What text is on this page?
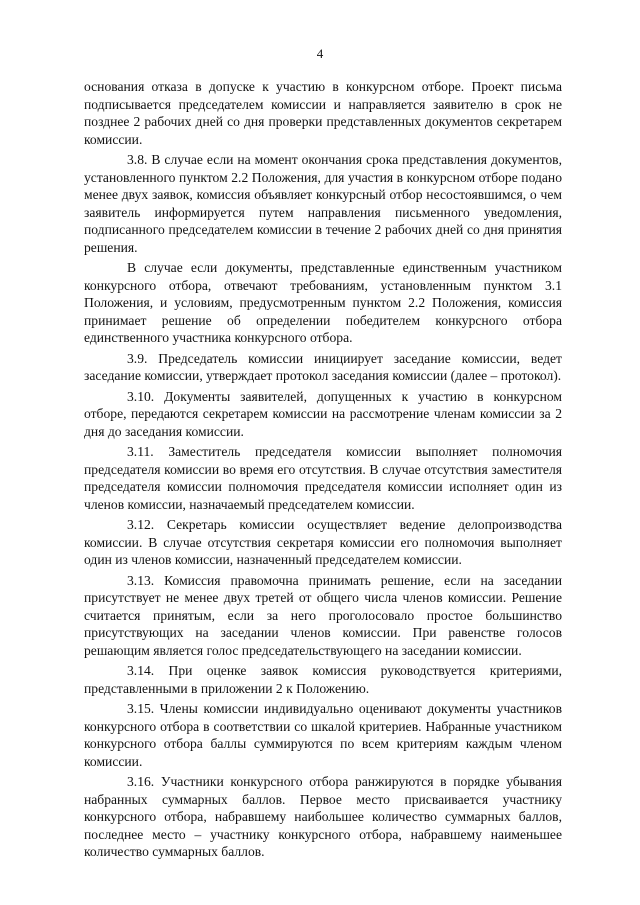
4

основания отказа в допуске к участию в конкурсном отборе. Проект письма подписывается председателем комиссии и направляется заявителю в срок не позднее 2 рабочих дней со дня проверки представленных документов секретарем комиссии.

3.8. В случае если на момент окончания срока представления документов, установленного пунктом 2.2 Положения, для участия в конкурсном отборе подано менее двух заявок, комиссия объявляет конкурсный отбор несостоявшимся, о чем заявитель информируется путем направления письменного уведомления, подписанного председателем комиссии в течение 2 рабочих дней со дня принятия решения.

В случае если документы, представленные единственным участником конкурсного отбора, отвечают требованиям, установленным пунктом 3.1 Положения, и условиям, предусмотренным пунктом 2.2 Положения, комиссия принимает решение об определении победителем конкурсного отбора единственного участника конкурсного отбора.

3.9. Председатель комиссии инициирует заседание комиссии, ведет заседание комиссии, утверждает протокол заседания комиссии (далее – протокол).

3.10. Документы заявителей, допущенных к участию в конкурсном отборе, передаются секретарем комиссии на рассмотрение членам комиссии за 2 дня до заседания комиссии.

3.11. Заместитель председателя комиссии выполняет полномочия председателя комиссии во время его отсутствия. В случае отсутствия заместителя председателя комиссии полномочия председателя комиссии исполняет один из членов комиссии, назначаемый председателем комиссии.

3.12. Секретарь комиссии осуществляет ведение делопроизводства комиссии. В случае отсутствия секретаря комиссии его полномочия выполняет один из членов комиссии, назначенный председателем комиссии.

3.13. Комиссия правомочна принимать решение, если на заседании присутствует не менее двух третей от общего числа членов комиссии. Решение считается принятым, если за него проголосовало простое большинство присутствующих на заседании членов комиссии. При равенстве голосов решающим является голос председательствующего на заседании комиссии.

3.14. При оценке заявок комиссия руководствуется критериями, представленными в приложении 2 к Положению.

3.15. Члены комиссии индивидуально оценивают документы участников конкурсного отбора в соответствии со шкалой критериев. Набранные участником конкурсного отбора баллы суммируются по всем критериям каждым членом комиссии.

3.16. Участники конкурсного отбора ранжируются в порядке убывания набранных суммарных баллов. Первое место присваивается участнику конкурсного отбора, набравшему наибольшее количество суммарных баллов, последнее место – участнику конкурсного отбора, набравшему наименьшее количество суммарных баллов.
